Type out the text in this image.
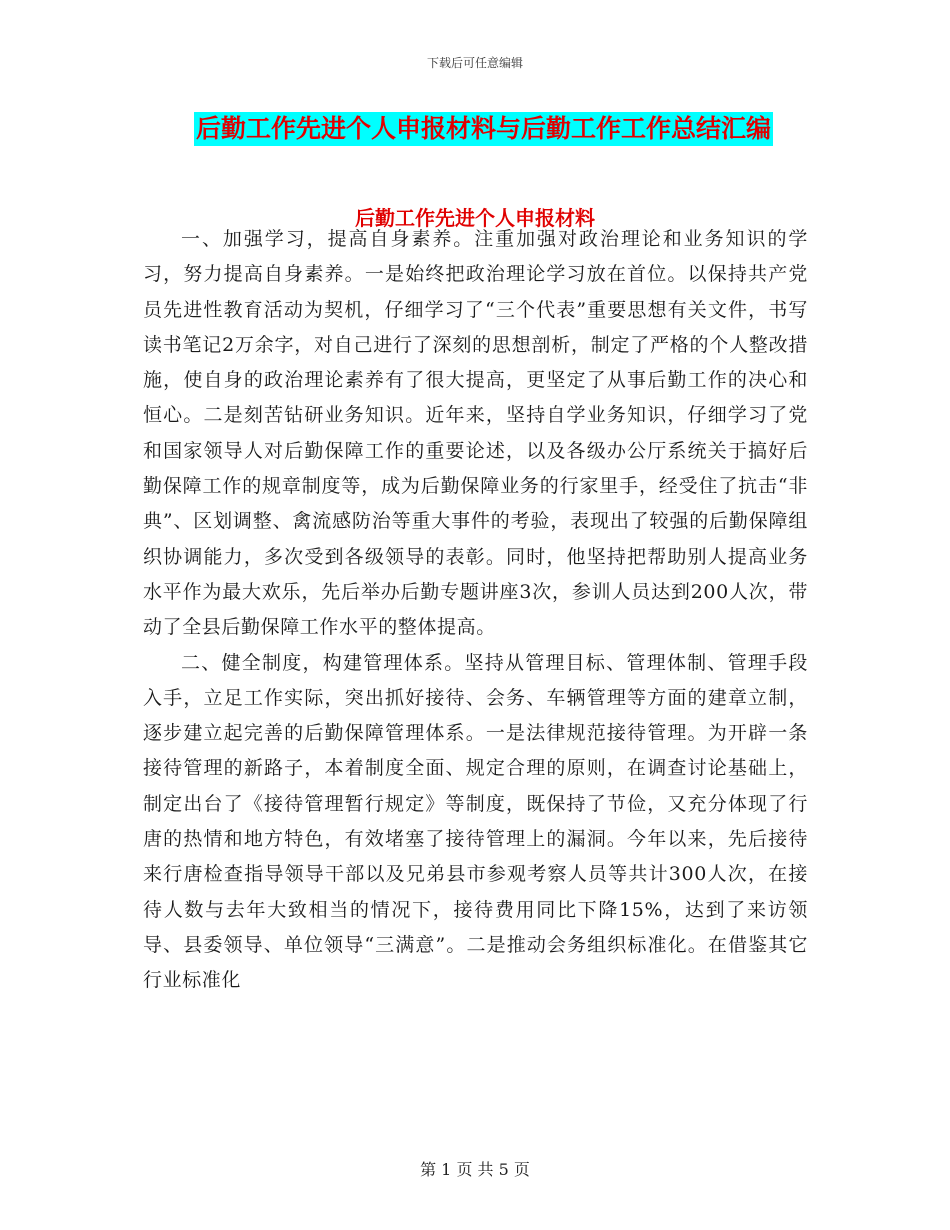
下载后可任意编辑
后勤工作先进个人申报材料与后勤工作工作总结汇编
后勤工作先进个人申报材料

一、加强学习，提高自身素养。注重加强对政治理论和业务知识的学习，努力提高自身素养。一是始终把政治理论学习放在首位。以保持共产党员先进性教育活动为契机，仔细学习了“三个代表”重要思想有关文件，书写读书笔记2万余字，对自己进行了深刻的思想剖析，制定了严格的个人整改措施，使自身的政治理论素养有了很大提高，更坚定了从事后勤工作的决心和恒心。二是刻苦钻研业务知识。近年来，坚持自学业务知识，仔细学习了党和国家领导人对后勤保障工作的重要论述，以及各级办公厅系统关于搞好后勤保障工作的规章制度等，成为后勤保障业务的行家里手，经受住了抗击“非典”、区划调整、禽流感防治等重大事件的考验，表现出了较强的后勤保障组织协调能力，多次受到各级领导的表彰。同时，他坚持把帮助别人提高业务水平作为最大欢乐，先后举办后勤专题讲座3次，参训人员达到200人次，带动了全县后勤保障工作水平的整体提高。

二、健全制度，构建管理体系。坚持从管理目标、管理体制、管理手段入手，立足工作实际，突出抓好接待、会务、车辆管理等方面的建章立制，逐步建立起完善的后勤保障管理体系。一是法律规范接待管理。为开辟一条接待管理的新路子，本着制度全面、规定合理的原则，在调查讨论基础上，制定出台了《接待管理暂行规定》等制度，既保持了节俭，又充分体现了行唐的热情和地方特色，有效堵塞了接待管理上的漏洞。今年以来，先后接待来行唐检查指导领导干部以及兄弟县市参观考察人员等共计300人次，在接待人数与去年大致相当的情况下，接待费用同比下降15%，达到了来访领导、县委领导、单位领导“三满意”。二是推动会务组织标准化。在借鉴其它行业标准化

第 1 页 共 5 页
